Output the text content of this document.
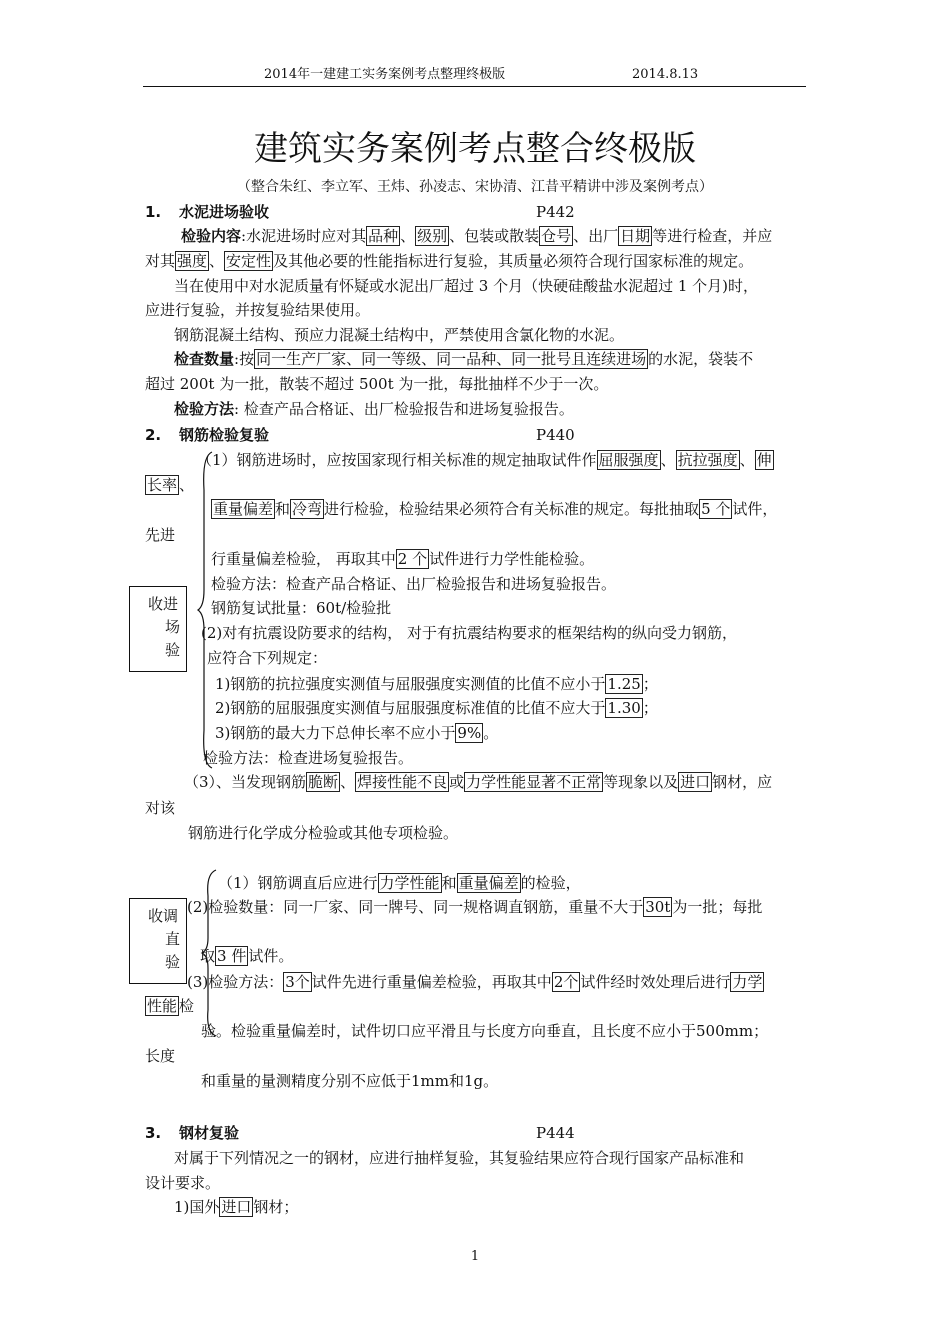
2014年一建建工实务案例考点整理终极版	2014.8.13
建筑实务案例考点整合终极版
（整合朱红、李立军、王炜、孙凌志、宋协清、江昔平精讲中涉及案例考点）
1. 水泥进场验收	P442
检验内容:水泥进场时应对其 品种 、 级别 、包装或散装 仓号 、出厂 日期 等进行检查，并应
对其 强度 、 安定性 及其他必要的性能指标进行复验，其质量必须符合现行国家标准的规定。
当在使用中对水泥质量有怀疑或水泥出厂超过 3 个月（快硬硅酸盐水泥超过 1 个月)时，
应进行复验，并按复验结果使用。
钢筋混凝土结构、预应力混凝土结构中，严禁使用含氯化物的水泥。
检查数量:按 同一生产厂家、同一等级、同一品种、同一批号且连续进场 的水泥，袋装不
超过 200t 为一批，散装不超过 500t 为一批，每批抽样不少于一次。
检验方法: 检查产品合格证、出厂检验报告和进场复验报告。
2. 钢筋检验复验	P440
收进
场
验
（1）钢筋进场时，应按国家现行相关标准的规定抽取试件作 屈服强度 、 抗拉强度 、 伸
长率 、
重量偏差 和 冷弯 进行检验，检验结果必须符合有关标准的规定。每批抽取 5 个 试件，
先进
行重量偏差检验， 再取其中 2 个 试件进行力学性能检验。
检验方法：检查产品合格证、出厂检验报告和进场复验报告。
钢筋复试批量：60t/检验批
(2)对有抗震设防要求的结构， 对于有抗震结构要求的框架结构的纵向受力钢筋，
应符合下列规定：
1)钢筋的抗拉强度实测值与屈服强度实测值的比值不应小于 1.25 ；
2)钢筋的屈服强度实测值与屈服强度标准值的比值不应大于 1.30 ；
3)钢筋的最大力下总伸长率不应小于 9% 。
检验方法：检查进场复验报告。
（3）、当发现钢筋 脆断 、 焊接性能不良 或 力学性能显著不正常 等现象以及 进口 钢材，应
对该
钢筋进行化学成分检验或其他专项检验。
收调
直
验
（1）钢筋调直后应进行 力学性能 和 重量偏差 的检验，
(2)检验数量：同一厂家、同一牌号、同一规格调直钢筋，重量不大于 30t 为一批；每批
取 3 件 试件。
(3)检验方法： 3个 试件先进行重量偏差检验，再取其中 2个 试件经时效处理后进行 力学
性能 检
验。检验重量偏差时，试件切口应平滑且与长度方向垂直，且长度不应小于500mm；
长度
和重量的量测精度分别不应低于1mm和1g。
3. 钢材复验	P444
对属于下列情况之一的钢材，应进行抽样复验，其复验结果应符合现行国家产品标准和
设计要求。
1)国外 进口 钢材；
1
